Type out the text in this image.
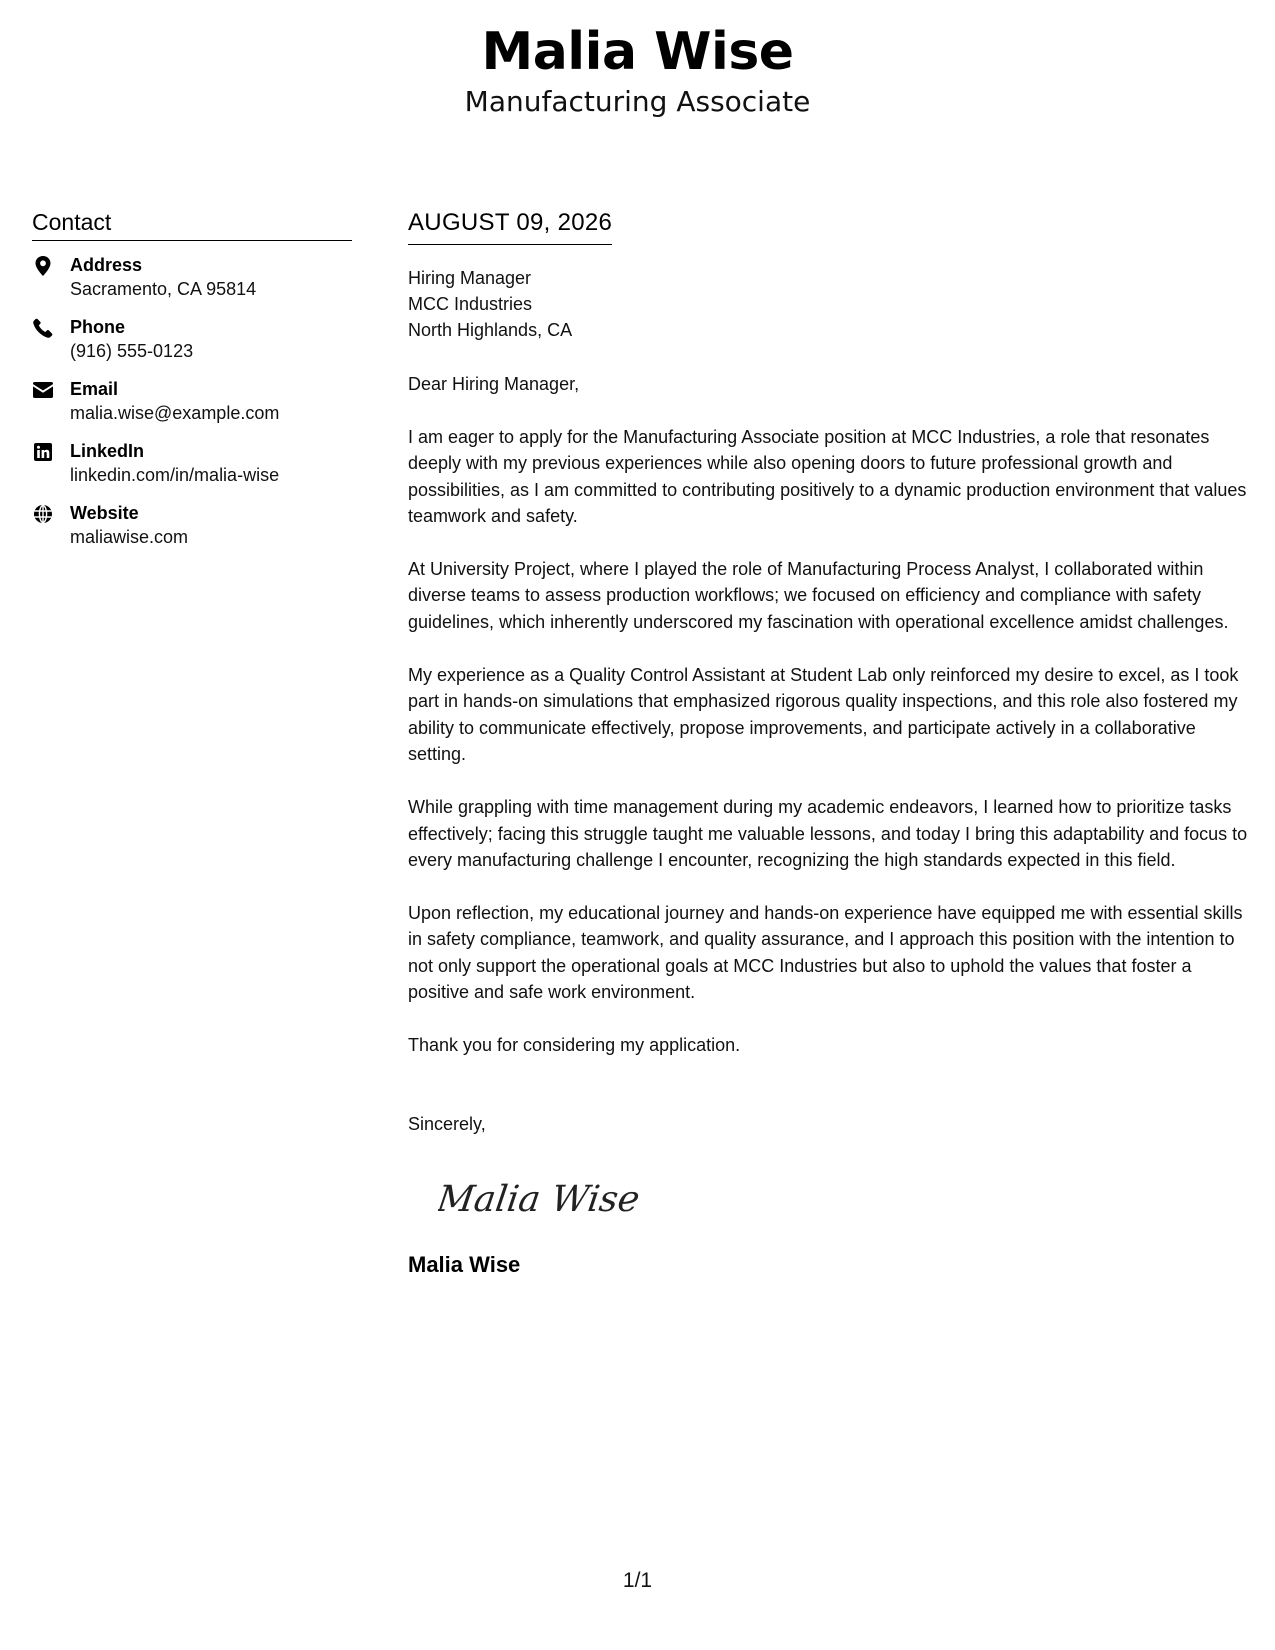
Malia Wise
Manufacturing Associate
Contact
Address
Sacramento, CA 95814
Phone
(916) 555-0123
Email
malia.wise@example.com
LinkedIn
linkedin.com/in/malia-wise
Website
maliawise.com
AUGUST 09, 2026
Hiring Manager
MCC Industries
North Highlands, CA
Dear Hiring Manager,
I am eager to apply for the Manufacturing Associate position at MCC Industries, a role that resonates deeply with my previous experiences while also opening doors to future professional growth and possibilities, as I am committed to contributing positively to a dynamic production environment that values teamwork and safety.
At University Project, where I played the role of Manufacturing Process Analyst, I collaborated within diverse teams to assess production workflows; we focused on efficiency and compliance with safety guidelines, which inherently underscored my fascination with operational excellence amidst challenges.
My experience as a Quality Control Assistant at Student Lab only reinforced my desire to excel, as I took part in hands-on simulations that emphasized rigorous quality inspections, and this role also fostered my ability to communicate effectively, propose improvements, and participate actively in a collaborative setting.
While grappling with time management during my academic endeavors, I learned how to prioritize tasks effectively; facing this struggle taught me valuable lessons, and today I bring this adaptability and focus to every manufacturing challenge I encounter, recognizing the high standards expected in this field.
Upon reflection, my educational journey and hands-on experience have equipped me with essential skills in safety compliance, teamwork, and quality assurance, and I approach this position with the intention to not only support the operational goals at MCC Industries but also to uphold the values that foster a positive and safe work environment.
Thank you for considering my application.
Sincerely,
Malia Wise
Malia Wise
1/1
